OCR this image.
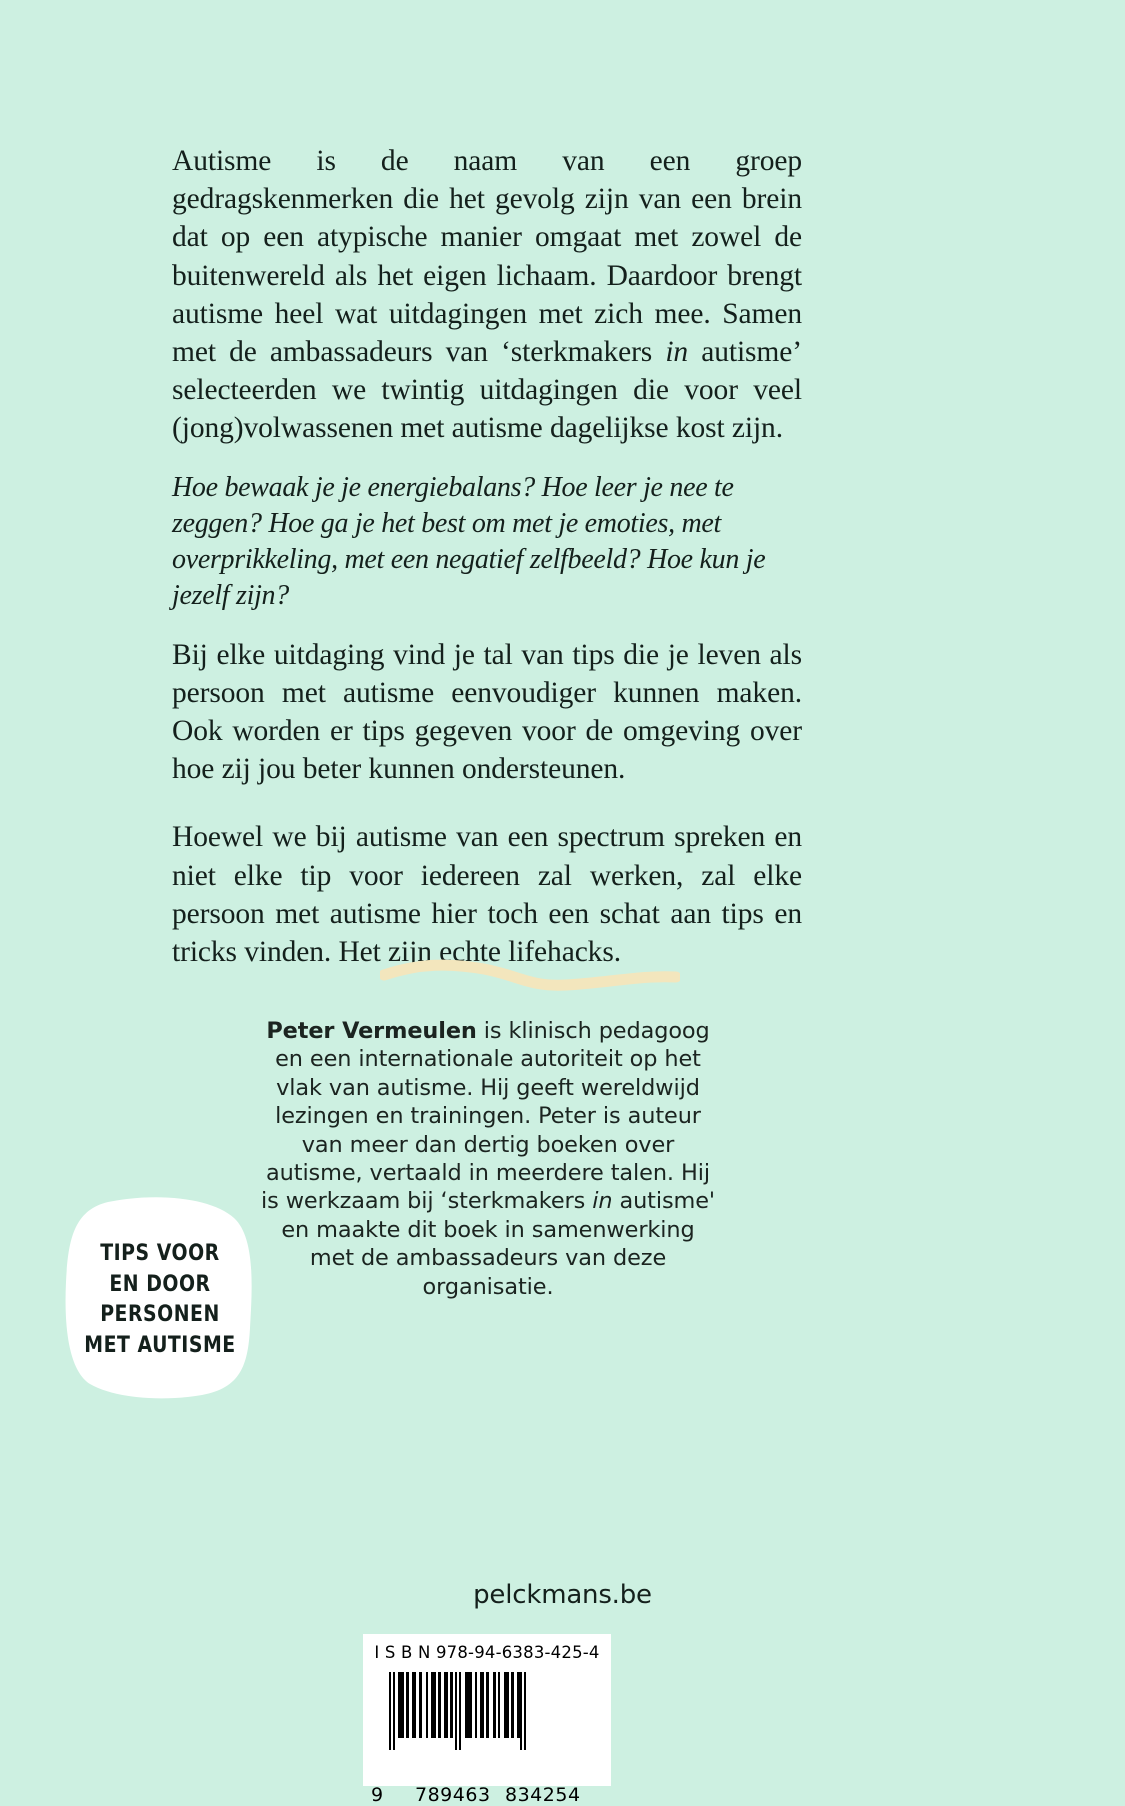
Autisme is de naam van een groep gedragskenmerken die het gevolg zijn van een brein dat op een atypische manier omgaat met zowel de buitenwereld als het eigen lichaam. Daardoor brengt autisme heel wat uitdagingen met zich mee. Samen met de ambassadeurs van ‘sterkmakers in autisme’ selecteerden we twintig uitdagingen die voor veel (jong)volwassenen met autisme dagelijkse kost zijn.

Hoe bewaak je je energiebalans? Hoe leer je nee te zeggen? Hoe ga je het best om met je emoties, met overprikkeling, met een negatief zelfbeeld? Hoe kun je jezelf zijn?

Bij elke uitdaging vind je tal van tips die je leven als persoon met autisme eenvoudiger kunnen maken. Ook worden er tips gegeven voor de omgeving over hoe zij jou beter kunnen ondersteunen.

Hoewel we bij autisme van een spectrum spreken en niet elke tip voor iedereen zal werken, zal elke persoon met autisme hier toch een schat aan tips en tricks vinden. Het zijn echte lifehacks.

Peter Vermeulen is klinisch pedagoog en een internationale autoriteit op het vlak van autisme. Hij geeft wereldwijd lezingen en trainingen. Peter is auteur van meer dan dertig boeken over autisme, vertaald in meerdere talen. Hij is werkzaam bij ‘sterkmakers in autisme' en maakte dit boek in samenwerking met de ambassadeurs van deze organisatie.
TIPS VOOR
EN DOOR
PERSONEN
MET AUTISME
pelckmans.be
I S B N 978-94-6383-425-4
9 789463 834254
